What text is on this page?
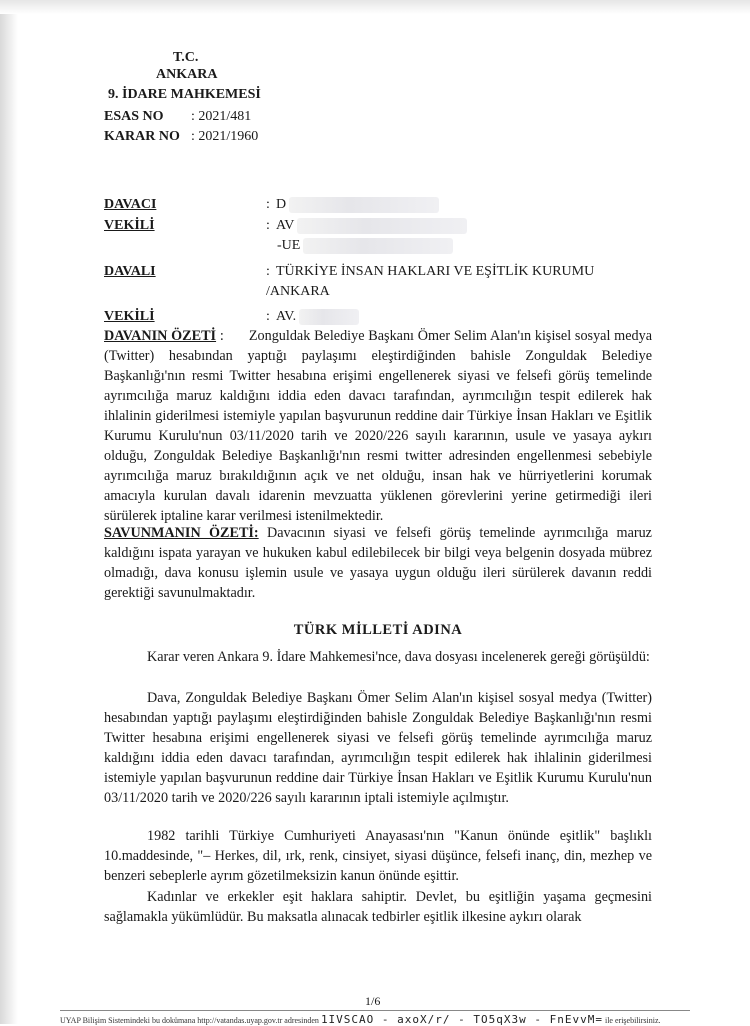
T.C.
ANKARA
9. İDARE MAHKEMESİ
ESAS NO : 2021/481
KARAR NO : 2021/1960
DAVACI	: D
VEKİLİ	: AV
-UE
DAVALI	: TÜRKİYE İNSAN HAKLARI VE EŞİTLİK KURUMU
/ANKARA
VEKİLİ	: AV.
DAVANIN ÖZETİ : Zonguldak Belediye Başkanı Ömer Selim Alan'ın kişisel sosyal medya (Twitter) hesabından yaptığı paylaşımı eleştirdiğinden bahisle Zonguldak Belediye Başkanlığı'nın resmi Twitter hesabına erişimi engellenerek siyasi ve felsefi görüş temelinde ayrımcılığa maruz kaldığını iddia eden davacı tarafından, ayrımcılığın tespit edilerek hak ihlalinin giderilmesi istemiyle yapılan başvurunun reddine dair Türkiye İnsan Hakları ve Eşitlik Kurumu Kurulu'nun 03/11/2020 tarih ve 2020/226 sayılı kararının, usule ve yasaya aykırı olduğu, Zonguldak Belediye Başkanlığı'nın resmi twitter adresinden engellenmesi sebebiyle ayrımcılığa maruz bırakıldığının açık ve net olduğu, insan hak ve hürriyetlerini korumak amacıyla kurulan davalı idarenin mevzuatta yüklenen görevlerini yerine getirmediği ileri sürülerek iptaline karar verilmesi istenilmektedir.
SAVUNMANIN ÖZETİ: Davacının siyasi ve felsefi görüş temelinde ayrımcılığa maruz kaldığını ispata yarayan ve hukuken kabul edilebilecek bir bilgi veya belgenin dosyada mübrez olmadığı, dava konusu işlemin usule ve yasaya uygun olduğu ileri sürülerek davanın reddi gerektiği savunulmaktadır.
TÜRK MİLLETİ ADINA
Karar veren Ankara 9. İdare Mahkemesi'nce, dava dosyası incelenerek gereği görüşüldü:
Dava, Zonguldak Belediye Başkanı Ömer Selim Alan'ın kişisel sosyal medya (Twitter) hesabından yaptığı paylaşımı eleştirdiğinden bahisle Zonguldak Belediye Başkanlığı'nın resmi Twitter hesabına erişimi engellenerek siyasi ve felsefi görüş temelinde ayrımcılığa maruz kaldığını iddia eden davacı tarafından, ayrımcılığın tespit edilerek hak ihlalinin giderilmesi istemiyle yapılan başvurunun reddine dair Türkiye İnsan Hakları ve Eşitlik Kurumu Kurulu'nun 03/11/2020 tarih ve 2020/226 sayılı kararının iptali istemiyle açılmıştır.
1982 tarihli Türkiye Cumhuriyeti Anayasası'nın "Kanun önünde eşitlik" başlıklı 10.maddesinde, "– Herkes, dil, ırk, renk, cinsiyet, siyasi düşünce, felsefi inanç, din, mezhep ve benzeri sebeplerle ayrım gözetilmeksizin kanun önünde eşittir.
Kadınlar ve erkekler eşit haklara sahiptir. Devlet, bu eşitliğin yaşama geçmesini sağlamakla yükümlüdür. Bu maksatla alınacak tedbirler eşitlik ilkesine aykırı olarak
1/6
UYAP Bilişim Sistemindeki bu dokümana http://vatandas.uyap.gov.tr adresinden 1IVSCAO - axoX/r/ - TO5qX3w - FnEvvM= ile erişebilirsiniz.
